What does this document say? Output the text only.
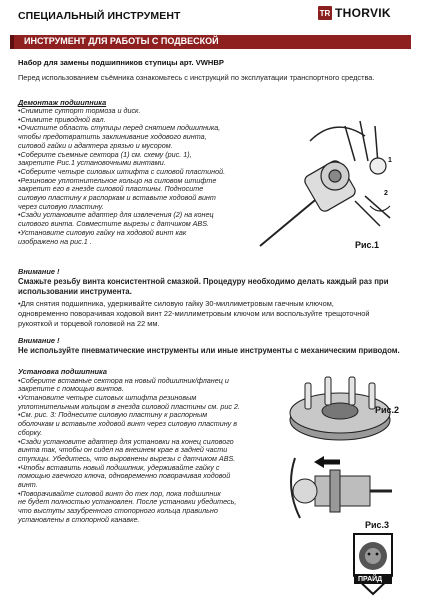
СПЕЦИАЛЬНЫЙ ИНСТРУМЕНТ	TR THORVIK
ИНСТРУМЕНТ ДЛЯ РАБОТЫ С ПОДВЕСКОЙ

Набор для замены подшипников ступицы арт. VWHBP

Перед использованием съёмника ознакомьтесь с инструкций по эксплуатации транспортного средства.

Демонтаж подшипника

• Снимите суппорт тормоза и диск.
• Снимите приводной вал.
• Очистите область ступицы перед снятием подшипника,
чтобы предотвратить заклинивание ходового винта,
силовой гайки и адаптера грязью и мусором.
• Соберите съемные сектора (1) см. схему (рис. 1),
закрепите Рис.1 установочными винтами.
• Соберите четыре силовых штифта с силовой пластиной.
• Резиновое уплотнительное кольцо на силовом штифте
закрепит его в гнезде силовой пластины. Подносите
силовую пластину к распоркам и вставьте ходовой винт
через силовую пластину.
• Сзади установите адаптер для извлечения (2) на конец
силового винта. Совместите вырезы с датчиком ABS.
• Установите силовую гайку на ходовой винт как
изображено на рис.1 .
1
2
Рис.1

Внимание !

Смажьте резьбу винта консистентной смазкой. Процедуру необходимо делать каждый раз при использовании инструмента.

• Для снятия подшипника, удерживайте силовую гайку 30-миллиметровым гаечным ключом,
одновременно поворачивая ходовой винт 22-миллиметровым ключом или воспользуйте трещоточной
рукояткой и торцевой головкой на 22 мм.

Внимание !

Не используйте пневматические инструменты или иные инструменты с механическим приводом.

Установка подшипника

• Соберите вставные сектора на новый подшипник/фланец и
закрепите с помощью винтов.
• Установите четыре силовых штифта резиновым
уплотнительным кольцом в гнезда силовой пластины см. рис 2.
• См. рис. 3: Поднесите силовую пластину к распорным
оболочкам и вставьте ходовой винт через силовую пластину в
сборку.
• Сзади установите адаптер для установки на конец силового
винта так, чтобы он сидел на внешнем крае в задней части
ступицы. Убедитесь, что выровнены вырезы с датчиком ABS.
• Чтобы вставить новый подшипник, удерживайте гайку с
помощью гаечного ключа, одновременно поворачивая ходовой
винт.
• Поворачивайте силовой винт до тех пор, пока подшипник
не будет полностью установлен. После установки убедитесь,
что выступы зазубренного стопорного кольца правильно
установлены в стопорной канавке.
Рис.2
Рис.3
ПРАЙД
